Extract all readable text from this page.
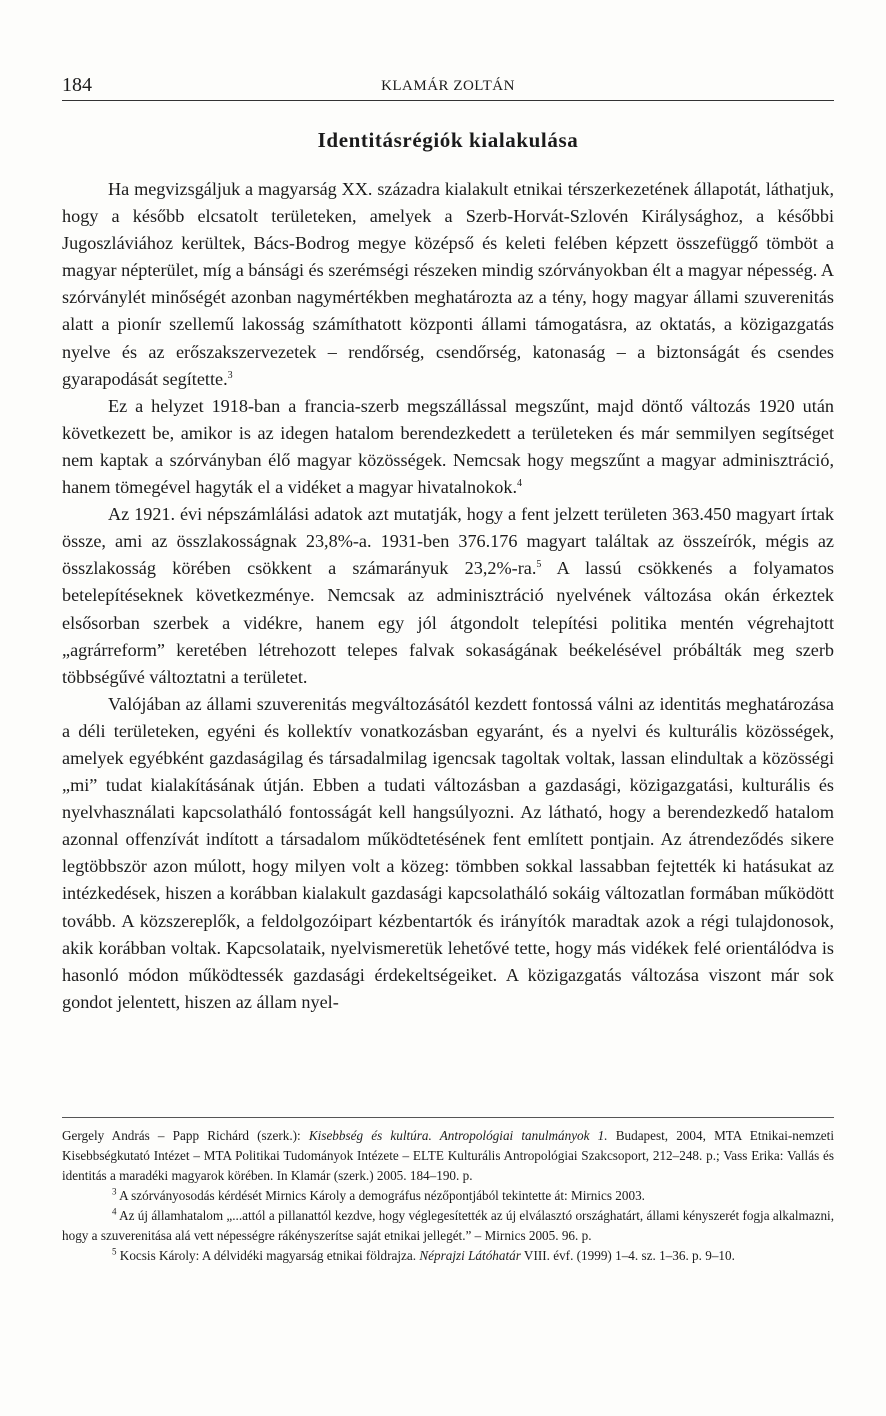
184	KLAMÁR ZOLTÁN
Identitásrégiók kialakulása

Ha megvizsgáljuk a magyarság XX. századra kialakult etnikai térszerkezetének állapotát, láthatjuk, hogy a később elcsatolt területeken, amelyek a Szerb-Horvát-Szlovén Királysághoz, a későbbi Jugoszláviához kerültek, Bács-Bodrog megye középső és keleti felében képzett összefüggő tömböt a magyar népterület, míg a bánsági és szerémségi részeken mindig szórványokban élt a magyar népesség. A szórványlét minőségét azonban nagymértékben meghatározta az a tény, hogy magyar állami szuverenitás alatt a pionír szellemű lakosság számíthatott központi állami támogatásra, az oktatás, a közigazgatás nyelve és az erőszakszervezetek – rendőrség, csendőrség, katonaság – a biztonságát és csendes gyarapodását segítette.$^3$

Ez a helyzet 1918-ban a francia-szerb megszállással megszűnt, majd döntő változás 1920 után következett be, amikor is az idegen hatalom berendezkedett a területeken és már semmilyen segítséget nem kaptak a szórványban élő magyar közösségek. Nemcsak hogy megszűnt a magyar adminisztráció, hanem tömegével hagyták el a vidéket a magyar hivatalnokok.$^4$

Az 1921. évi népszámlálási adatok azt mutatják, hogy a fent jelzett területen 363.450 magyart írtak össze, ami az összlakosságnak 23,8%-a. 1931-ben 376.176 magyart találtak az összeírók, mégis az összlakosság körében csökkent a számarányuk 23,2%-ra.$^5$ A lassú csökkenés a folyamatos betelepítéseknek következménye. Nemcsak az adminisztráció nyelvének változása okán érkeztek elsősorban szerbek a vidékre, hanem egy jól átgondolt telepítési politika mentén végrehajtott „agrárreform” keretében létrehozott telepes falvak sokaságának beékelésével próbálták meg szerb többségűvé változtatni a területet.

Valójában az állami szuverenitás megváltozásától kezdett fontossá válni az identitás meghatározása a déli területeken, egyéni és kollektív vonatkozásban egyaránt, és a nyelvi és kulturális közösségek, amelyek egyébként gazdaságilag és társadalmilag igencsak tagoltak voltak, lassan elindultak a közösségi „mi” tudat kialakításának útján. Ebben a tudati változásban a gazdasági, közigazgatási, kulturális és nyelvhasználati kapcsolatháló fontosságát kell hangsúlyozni. Az látható, hogy a berendezkedő hatalom azonnal offenzívát indított a társadalom működtetésének fent említett pontjain. Az átrendeződés sikere legtöbbször azon múlott, hogy milyen volt a közeg: tömbben sokkal lassabban fejtették ki hatásukat az intézkedések, hiszen a korábban kialakult gazdasági kapcsolatháló sokáig változatlan formában működött tovább. A közszereplők, a feldolgozóipart kézbentartók és irányítók maradtak azok a régi tulajdonosok, akik korábban voltak. Kapcsolataik, nyelvismeretük lehetővé tette, hogy más vidékek felé orientálódva is hasonló módon működtessék gazdasági érdekeltségeiket. A közigazgatás változása viszont már sok gondot jelentett, hiszen az állam nyel-

Gergely András – Papp Richárd (szerk.): Kisebbség és kultúra. Antropológiai tanulmányok 1. Budapest, 2004, MTA Etnikai-nemzeti Kisebbségkutató Intézet – MTA Politikai Tudományok Intézete – ELTE Kulturális Antropológiai Szakcsoport, 212–248. p.; Vass Erika: Vallás és identitás a maradéki magyarok körében. In Klamár (szerk.) 2005. 184–190. p.

$^3$ A szórványosodás kérdését Mirnics Károly a demográfus nézőpontjából tekintette át: Mirnics 2003.

$^4$ Az új államhatalom „...attól a pillanattól kezdve, hogy véglegesítették az új elválasztó országhatárt, állami kényszerét fogja alkalmazni, hogy a szuverenitása alá vett népességre rákényszerítse saját etnikai jellegét.” – Mirnics 2005. 96. p.

$^5$ Kocsis Károly: A délvidéki magyarság etnikai földrajza. Néprajzi Látóhatár VIII. évf. (1999) 1–4. sz. 1–36. p. 9–10.
